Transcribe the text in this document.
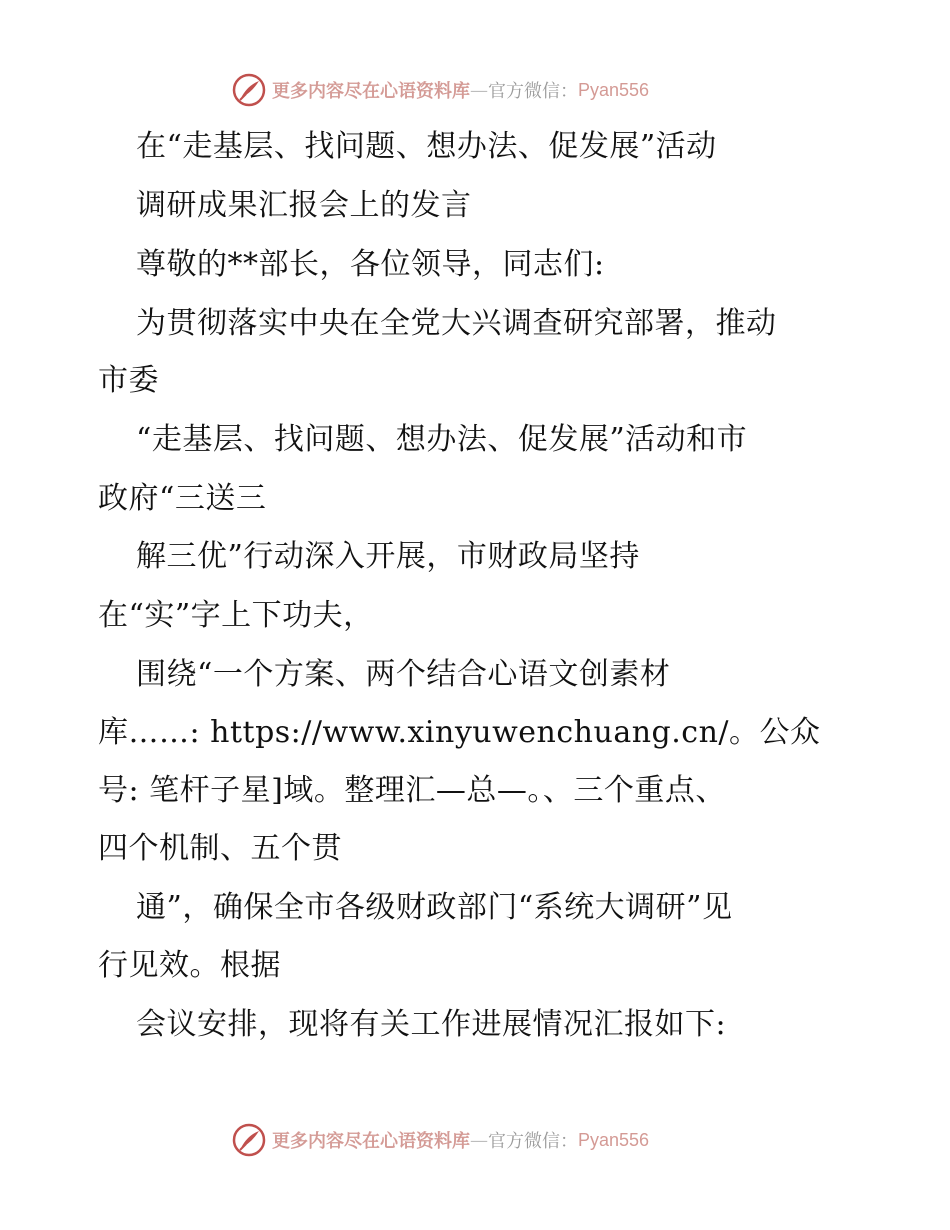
更多内容尽在心语资料库 — 官方微信： Pyan556
在“走基层、找问题、想办法、促发展”活动
调研成果汇报会上的发言
尊敬的**部长，各位领导，同志们:
为贯彻落实中央在全党大兴调查研究部署，推动
市委
“走基层、找问题、想办法、促发展”活动和市
政府“三送三
解三优”行动深入开展，市财政局坚持
在“实”字上下功夫，
围绕“一个方案、两个结合心语文创素材
库……: https://www.xinyuwenchuang.cn/。公众
号: 笔杆子星]域。整理汇—总—。、三个重点、
四个机制、五个贯
通”，确保全市各级财政部门“系统大调研”见
行见效。根据
会议安排，现将有关工作进展情况汇报如下:
更多内容尽在心语资料库 — 官方微信： Pyan556
